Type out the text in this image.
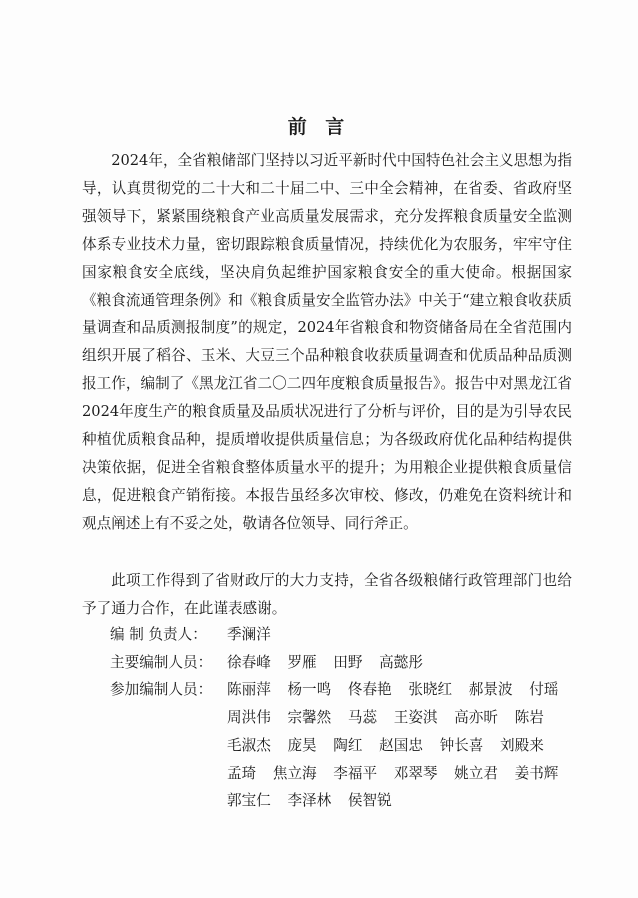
前 言

2024年，全省粮储部门坚持以习近平新时代中国特色社会主义思想为指导，认真贯彻党的二十大和二十届二中、三中全会精神，在省委、省政府坚强领导下，紧紧围绕粮食产业高质量发展需求，充分发挥粮食质量安全监测体系专业技术力量，密切跟踪粮食质量情况，持续优化为农服务，牢牢守住国家粮食安全底线，坚决肩负起维护国家粮食安全的重大使命。根据国家《粮食流通管理条例》和《粮食质量安全监管办法》中关于“建立粮食收获质量调查和品质测报制度”的规定，2024年省粮食和物资储备局在全省范围内组织开展了稻谷、玉米、大豆三个品种粮食收获质量调查和优质品种品质测报工作，编制了《黑龙江省二〇二四年度粮食质量报告》。报告中对黑龙江省2024年度生产的粮食质量及品质状况进行了分析与评价，目的是为引导农民种植优质粮食品种，提质增收提供质量信息；为各级政府优化品种结构提供决策依据，促进全省粮食整体质量水平的提升；为用粮企业提供粮食质量信息，促进粮食产销衔接。本报告虽经多次审校、修改，仍难免在资料统计和观点阐述上有不妥之处，敬请各位领导、同行斧正。

此项工作得到了省财政厅的大力支持，全省各级粮储行政管理部门也给予了通力合作，在此谨表感谢。

编 制 负责人：	季澜洋
主要编制人员：	徐春峰 罗雁 田野 高懿彤
参加编制人员：	陈丽萍 杨一鸣 佟春艳 张晓红 郝景波 付瑶 周洪伟 宗馨然 马蕊 王姿淇 高亦昕 陈岩 毛淑杰 庞昊 陶红 赵国忠 钟长喜 刘殿来 孟琦 焦立海 李福平 邓翠琴 姚立君 姜书辉 郭宝仁 李泽林 侯智锐
